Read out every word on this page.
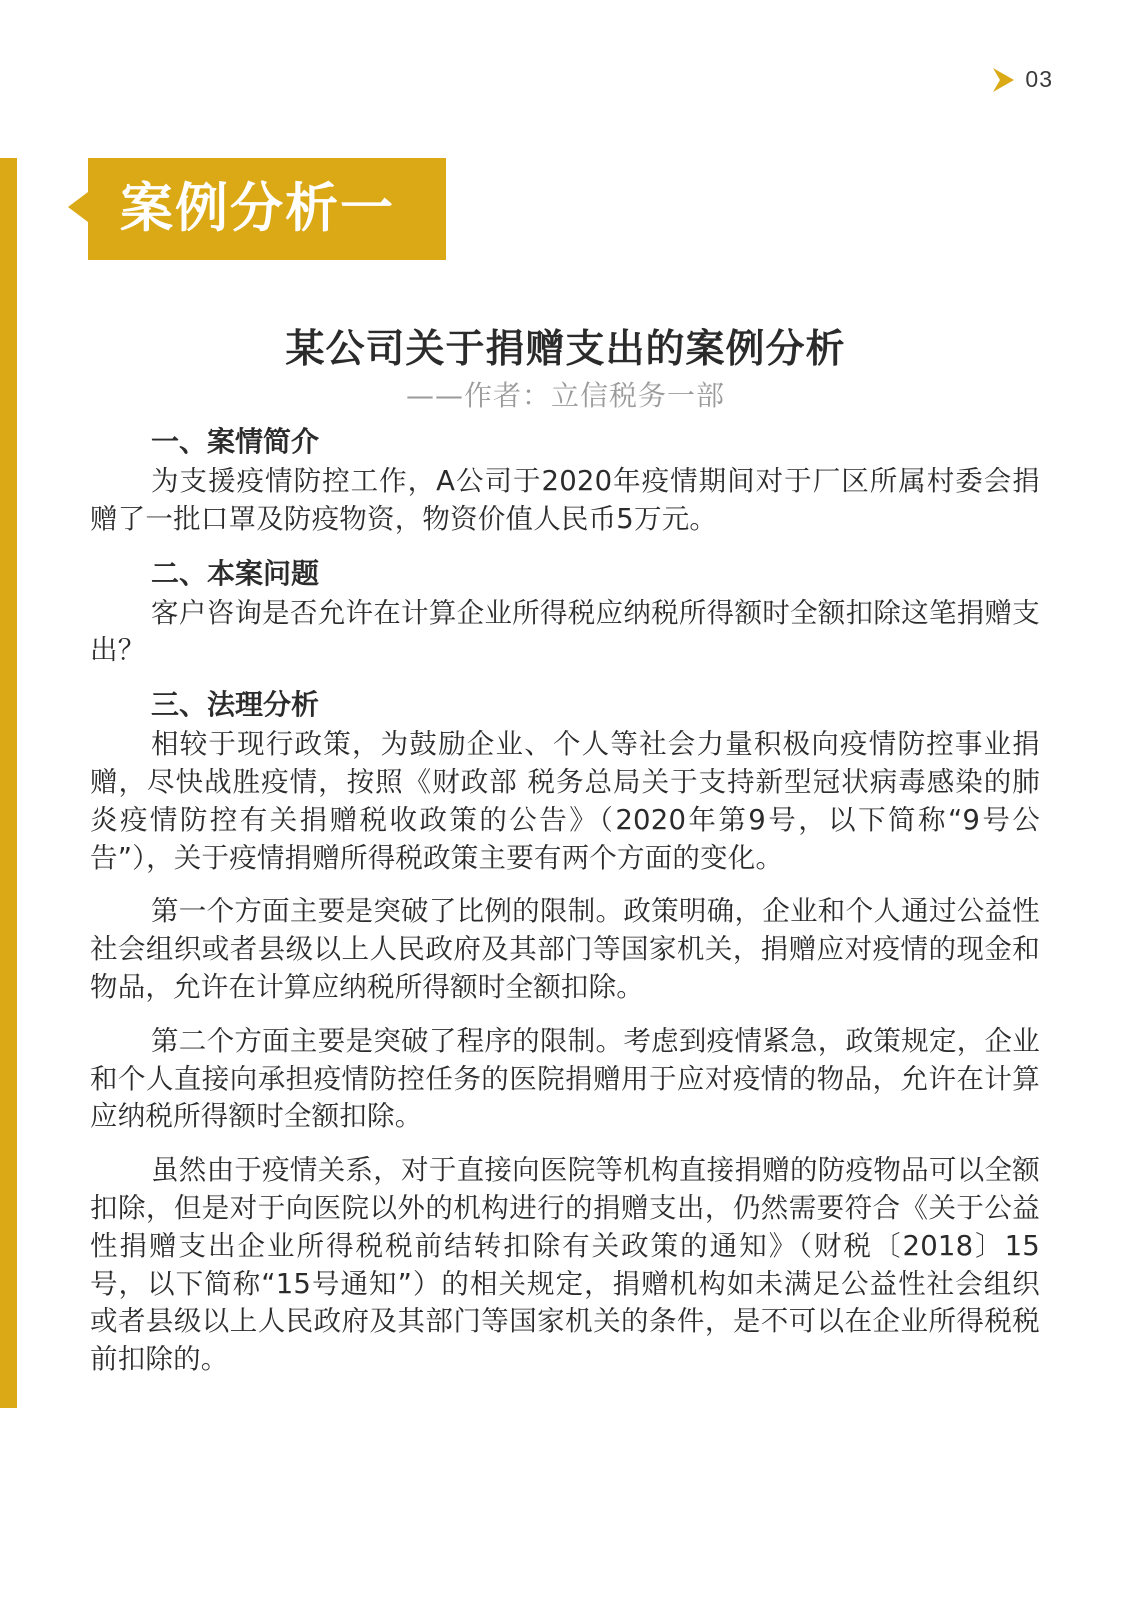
03
案例分析一
某公司关于捐赠支出的案例分析
——作者：立信税务一部
一、案情简介

为支援疫情防控工作，A公司于2020年疫情期间对于厂区所属村委会捐赠了一批口罩及防疫物资，物资价值人民币5万元。

二、本案问题

客户咨询是否允许在计算企业所得税应纳税所得额时全额扣除这笔捐赠支出？

三、法理分析

相较于现行政策，为鼓励企业、个人等社会力量积极向疫情防控事业捐赠，尽快战胜疫情，按照《财政部 税务总局关于支持新型冠状病毒感染的肺炎疫情防控有关捐赠税收政策的公告》（2020年第9号，以下简称“9号公告”），关于疫情捐赠所得税政策主要有两个方面的变化。

第一个方面主要是突破了比例的限制。政策明确，企业和个人通过公益性社会组织或者县级以上人民政府及其部门等国家机关，捐赠应对疫情的现金和物品，允许在计算应纳税所得额时全额扣除。

第二个方面主要是突破了程序的限制。考虑到疫情紧急，政策规定，企业和个人直接向承担疫情防控任务的医院捐赠用于应对疫情的物品，允许在计算应纳税所得额时全额扣除。

虽然由于疫情关系，对于直接向医院等机构直接捐赠的防疫物品可以全额扣除，但是对于向医院以外的机构进行的捐赠支出，仍然需要符合《关于公益性捐赠支出企业所得税税前结转扣除有关政策的通知》（财税〔2018〕15号，以下简称“15号通知”）的相关规定，捐赠机构如未满足公益性社会组织或者县级以上人民政府及其部门等国家机关的条件，是不可以在企业所得税税前扣除的。
